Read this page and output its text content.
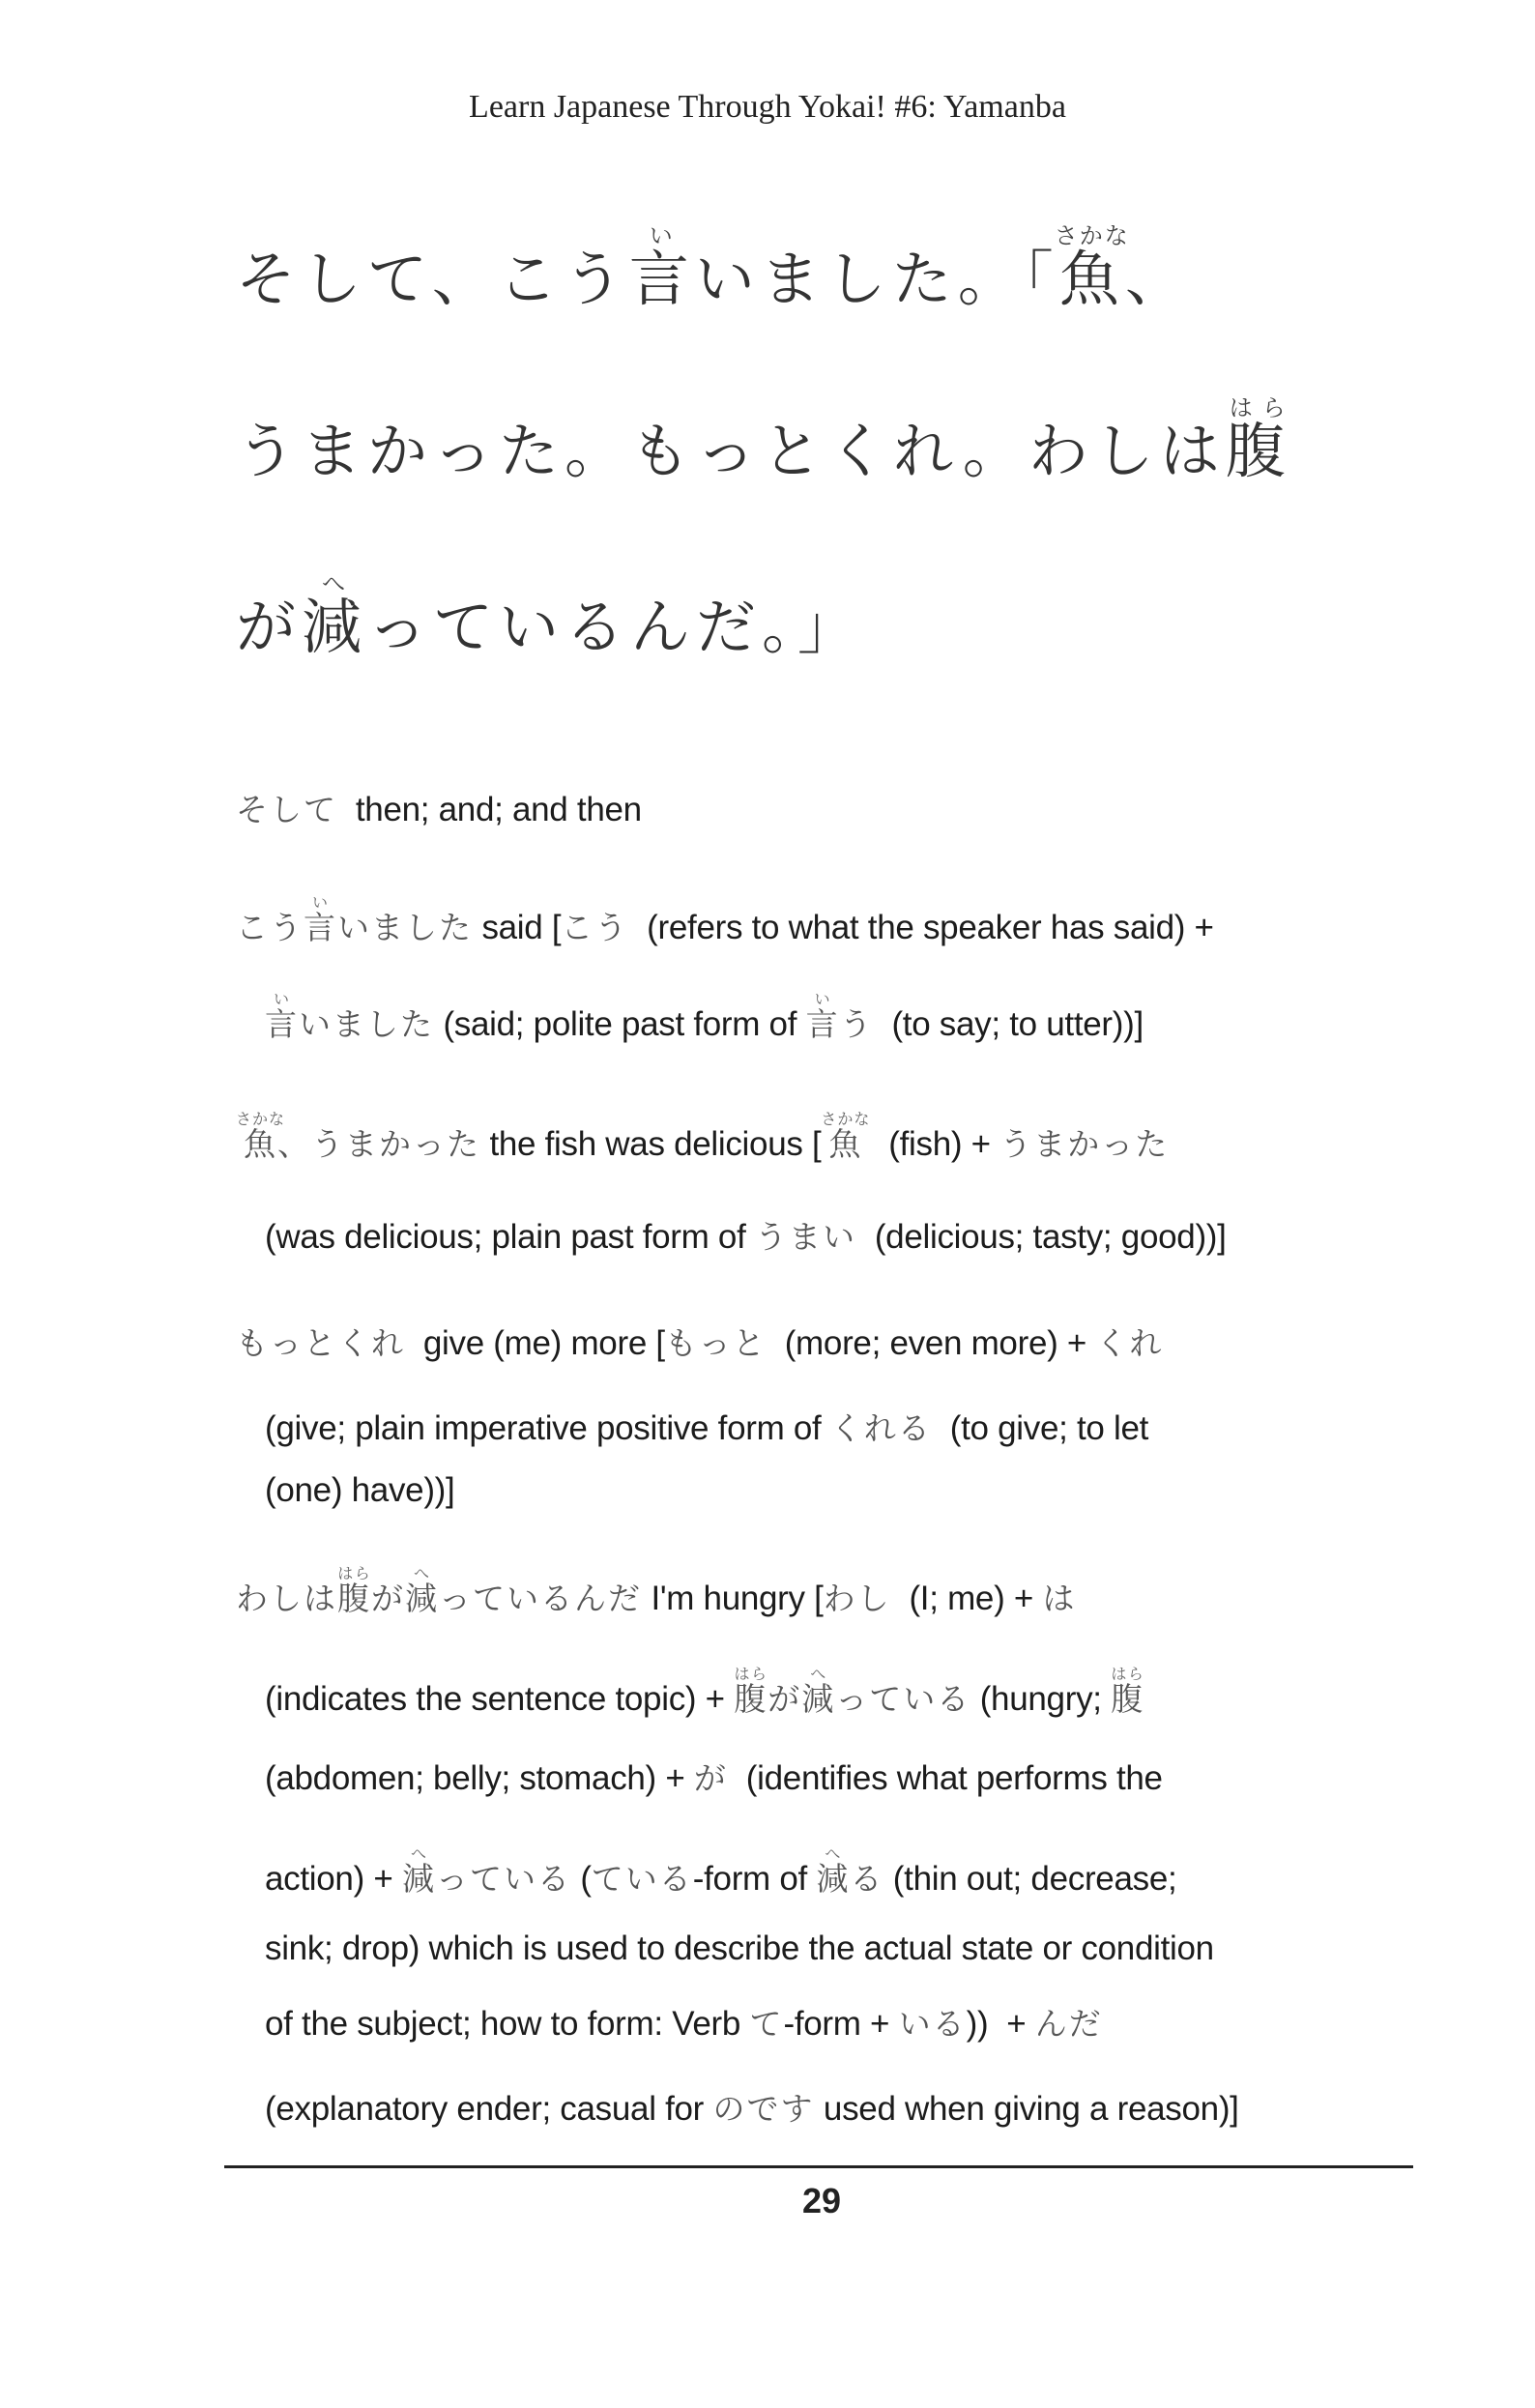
Learn Japanese Through Yokai! #6: Yamanba
そして、こう言いいました。「魚さかな、
うまかった。もっとくれ。わしは腹はら
が減へっているんだ。」
そして then; and; and then
こう言いいました said [こう (refers to what the speaker has said) +
言いいました (said; polite past form of 言いう (to say; to utter))]
魚さかな、うまかった the fish was delicious [魚さかな  (fish) + うまかった
(was delicious; plain past form of うまい (delicious; tasty; good))]
もっとくれ give (me) more [もっと (more; even more) + くれ
(give; plain imperative positive form of くれる (to give; to let
(one) have))]
わしは腹はらが減へっているんだ I'm hungry [わし (I; me) + は
(indicates the sentence topic) + 腹はらが減へっている (hungry; 腹はら
(abdomen; belly; stomach) + が (identifies what performs the
action) + 減へっている (ている-form of 減へる (thin out; decrease;
sink; drop) which is used to describe the actual state or condition
of the subject; how to form: Verb て-form + いる)) + んだ
(explanatory ender; casual for のです used when giving a reason)]
29
